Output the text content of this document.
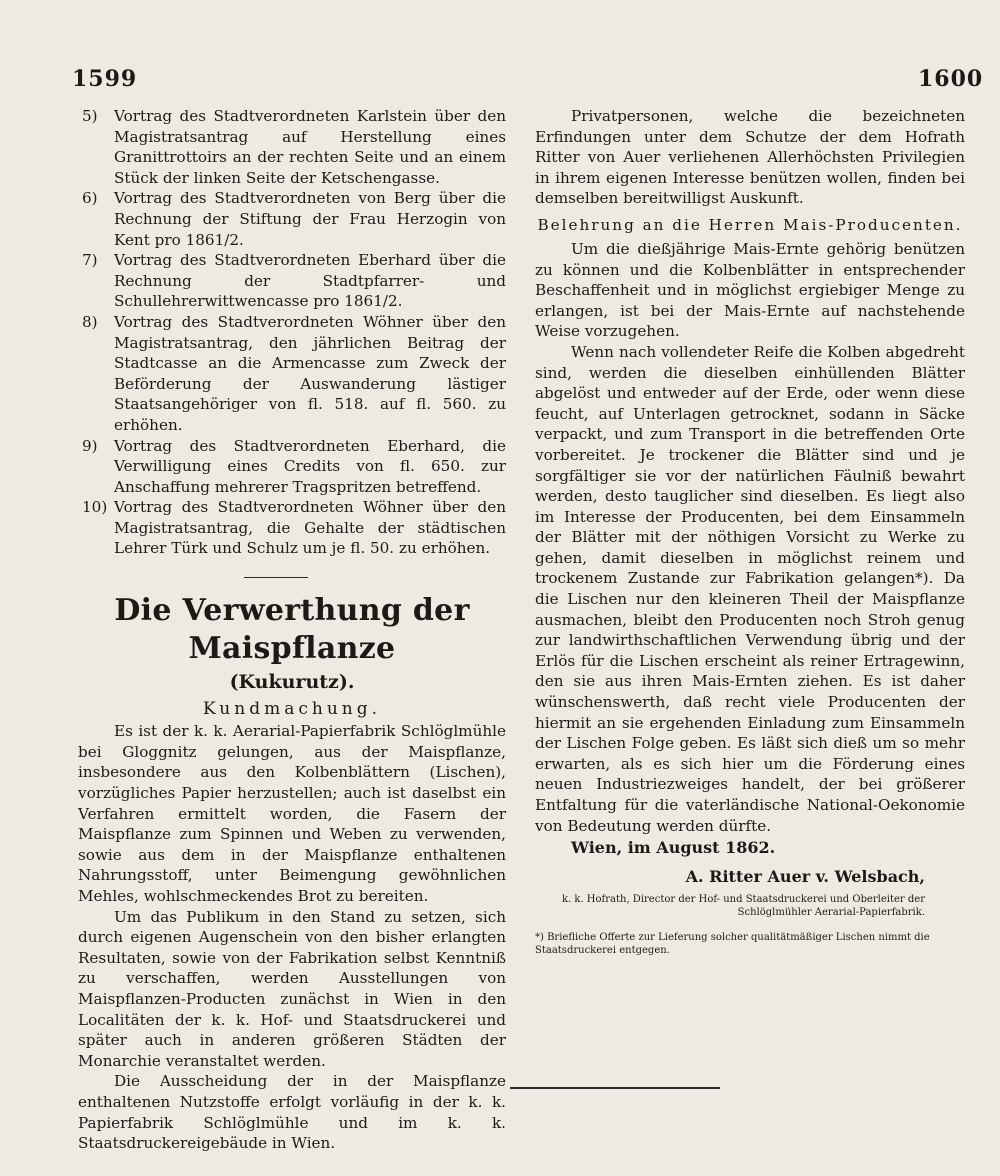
1599	1600
5) Vortrag des Stadtverordneten Karlstein über den Magistratsantrag auf Herstellung eines Granittrottoirs an der rechten Seite und an einem Stück der linken Seite der Ketschengasse.
6) Vortrag des Stadtverordneten von Berg über die Rechnung der Stiftung der Frau Herzogin von Kent pro 1861/2.
7) Vortrag des Stadtverordneten Eberhard über die Rechnung der Stadtpfarrer- und Schullehrerwittwencasse pro 1861/2.
8) Vortrag des Stadtverordneten Wöhner über den Magistratsantrag, den jährlichen Beitrag der Stadtcasse an die Armencasse zum Zweck der Beförderung der Auswanderung lästiger Staatsangehöriger von fl. 518. auf fl. 560. zu erhöhen.
9) Vortrag des Stadtverordneten Eberhard, die Verwilligung eines Credits von fl. 650. zur Anschaffung mehrerer Tragspritzen betreffend.
10) Vortrag des Stadtverordneten Wöhner über den Magistratsantrag, die Gehalte der städtischen Lehrer Türk und Schulz um je fl. 50. zu erhöhen.
Die Verwerthung der Maispflanze
(Kukurutz).
Kundmachung.

Es ist der k. k. Aerarial-Papierfabrik Schlöglmühle bei Gloggnitz gelungen, aus der Maispflanze, insbesondere aus den Kolbenblättern (Lischen), vorzügliches Papier herzustellen; auch ist daselbst ein Verfahren ermittelt worden, die Fasern der Maispflanze zum Spinnen und Weben zu verwenden, sowie aus dem in der Maispflanze enthaltenen Nahrungsstoff, unter Beimengung gewöhnlichen Mehles, wohlschmeckendes Brot zu bereiten.

Um das Publikum in den Stand zu setzen, sich durch eigenen Augenschein von den bisher erlangten Resultaten, sowie von der Fabrikation selbst Kenntniß zu verschaffen, werden Ausstellungen von Maispflanzen-Producten zunächst in Wien in den Localitäten der k. k. Hof- und Staatsdruckerei und später auch in anderen größeren Städten der Monarchie veranstaltet werden.

Die Ausscheidung der in der Maispflanze enthaltenen Nutzstoffe erfolgt vorläufig in der k. k. Papierfabrik Schlöglmühle und im k. k. Staatsdruckereigebäude in Wien.

Privatpersonen, welche die bezeichneten Erfindungen unter dem Schutze der dem Hofrath Ritter von Auer verliehenen Allerhöchsten Privilegien in ihrem eigenen Interesse benützen wollen, finden bei demselben bereitwilligst Auskunft.

Belehrung an die Herren Mais-Producenten.

Um die dießjährige Mais-Ernte gehörig benützen zu können und die Kolbenblätter in entsprechender Beschaffenheit und in möglichst ergiebiger Menge zu erlangen, ist bei der Mais-Ernte auf nachstehende Weise vorzugehen.

Wenn nach vollendeter Reife die Kolben abgedreht sind, werden die dieselben einhüllenden Blätter abgelöst und entweder auf der Erde, oder wenn diese feucht, auf Unterlagen getrocknet, sodann in Säcke verpackt, und zum Transport in die betreffenden Orte vorbereitet. Je trockener die Blätter sind und je sorgfältiger sie vor der natürlichen Fäulniß bewahrt werden, desto tauglicher sind dieselben. Es liegt also im Interesse der Producenten, bei dem Einsammeln der Blätter mit der nöthigen Vorsicht zu Werke zu gehen, damit dieselben in möglichst reinem und trockenem Zustande zur Fabrikation gelangen*). Da die Lischen nur den kleineren Theil der Maispflanze ausmachen, bleibt den Producenten noch Stroh genug zur landwirthschaftlichen Verwendung übrig und der Erlös für die Lischen erscheint als reiner Ertragewinn, den sie aus ihren Mais-Ernten ziehen. Es ist daher wünschenswerth, daß recht viele Producenten der hiermit an sie ergehenden Einladung zum Einsammeln der Lischen Folge geben. Es läßt sich dieß um so mehr erwarten, als es sich hier um die Förderung eines neuen Industriezweiges handelt, der bei größerer Entfaltung für die vaterländische National-Oekonomie von Bedeutung werden dürfte.

Wien, im August 1862.
A. Ritter Auer v. Welsbach,
k. k. Hofrath, Director der Hof- und Staatsdruckerei und Oberleiter der Schlöglmühler Aerarial-Papierfabrik.
*) Briefliche Offerte zur Lieferung solcher qualitätmäßiger Lischen nimmt die Staatsdruckerei entgegen.
